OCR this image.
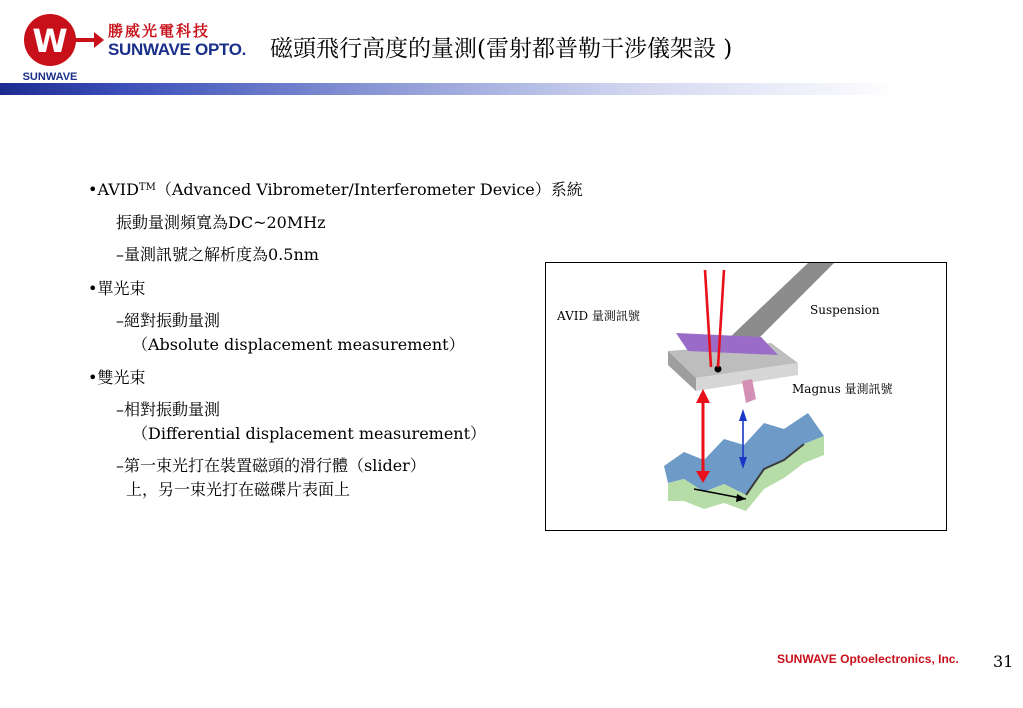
W
SUNWAVE
勝威光電科技
SUNWAVE OPTO. 磁頭飛行高度的量測(雷射都普勒干涉儀架設 )
•AVID™（Advanced Vibrometer/Interferometer Device）系統
振動量測頻寬為DC~20MHz
–量測訊號之解析度為0.5nm
•單光束
–絕對振動量測
（Absolute displacement measurement）
•雙光束
–相對振動量測
（Differential displacement measurement）
–第一束光打在裝置磁頭的滑行體（slider）
上，另一束光打在磁碟片表面上
AVID 量測訊號	Suspension
Magnus 量測訊號
SUNWAVE Optoelectronics, Inc. 31
